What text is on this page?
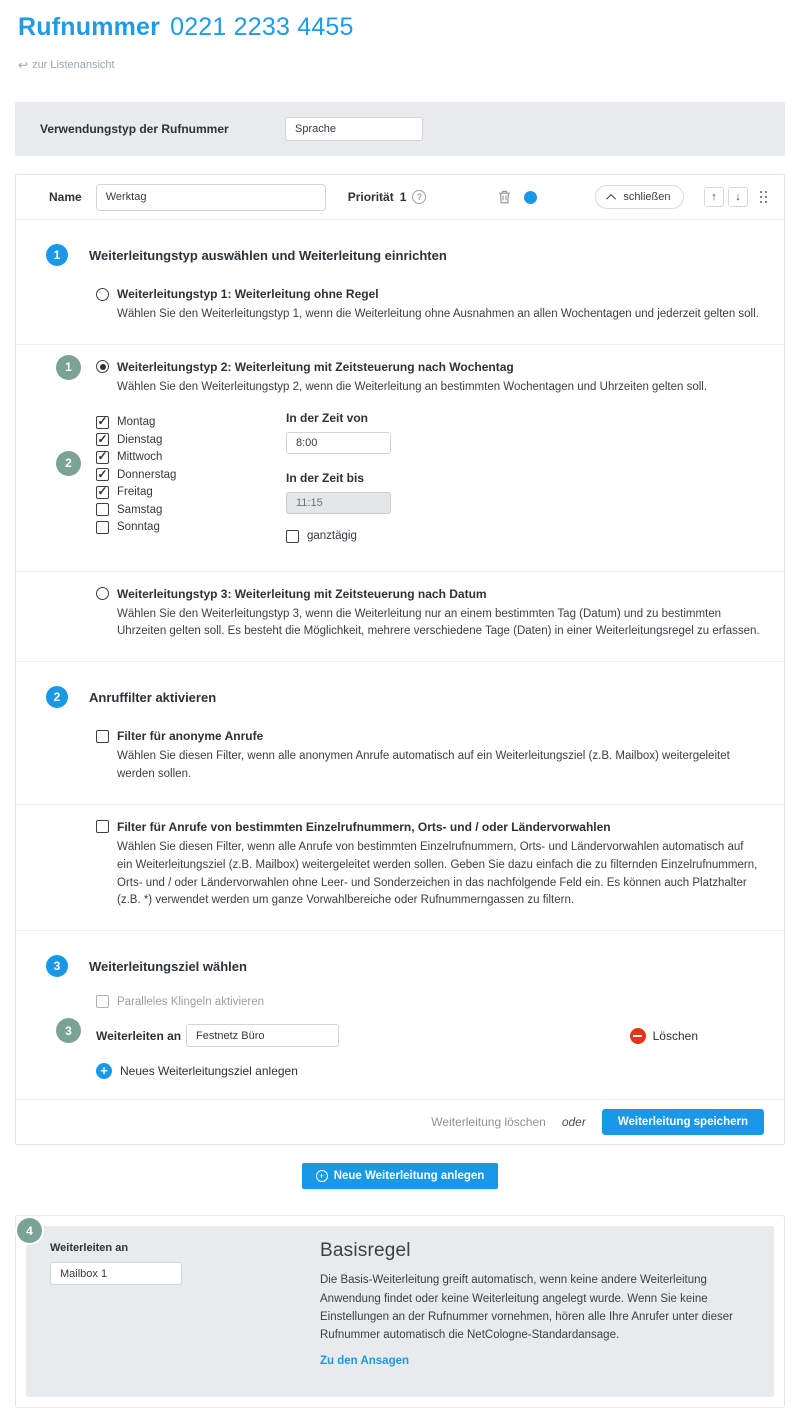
Rufnummer 0221 2233 4455
↩ zur Listenansicht
Verwendungstyp der Rufnummer
Sprache
Name
Werktag	Priorität 1	?	schließen	↑	↓
1	Weiterleitungstyp auswählen und Weiterleitung einrichten
Weiterleitungstyp 1: Weiterleitung ohne Regel
Wählen Sie den Weiterleitungstyp 1, wenn die Weiterleitung ohne Ausnahmen an allen Wochentagen und jederzeit gelten soll.
1	Weiterleitungstyp 2: Weiterleitung mit Zeitsteuerung nach Wochentag
Wählen Sie den Weiterleitungstyp 2, wenn die Weiterleitung an bestimmten Wochentagen und Uhrzeiten gelten soll.
2
✓
Montag
✓
Dienstag
✓
Mittwoch
✓
Donnerstag
✓
Freitag
Samstag
Sonntag
In der Zeit von
8:00
In der Zeit bis
11:15
ganztägig
Weiterleitungstyp 3: Weiterleitung mit Zeitsteuerung nach Datum
Wählen Sie den Weiterleitungstyp 3, wenn die Weiterleitung nur an einem bestimmten Tag (Datum) und zu bestimmten Uhrzeiten gelten soll. Es besteht die Möglichkeit, mehrere verschiedene Tage (Daten) in einer Weiterleitungsregel zu erfassen.
2	Anruffilter aktivieren
Filter für anonyme Anrufe
Wählen Sie diesen Filter, wenn alle anonymen Anrufe automatisch auf ein Weiterleitungsziel (z.B. Mailbox) weitergeleitet werden sollen.
Filter für Anrufe von bestimmten Einzelrufnummern, Orts- und / oder Ländervorwahlen
Wählen Sie diesen Filter, wenn alle Anrufe von bestimmten Einzelrufnummern, Orts- und Ländervorwahlen automatisch auf ein Weiterleitungsziel (z.B. Mailbox) weitergeleitet werden sollen. Geben Sie dazu einfach die zu filternden Einzelrufnummern, Orts- und / oder Ländervorwahlen ohne Leer- und Sonderzeichen in das nachfolgende Feld ein. Es können auch Platzhalter (z.B. *) verwendet werden um ganze Vorwahlbereiche oder Rufnummerngassen zu filtern.
3	Weiterleitungsziel wählen
Paralleles Klingeln aktivieren
3	Weiterleiten an
Festnetz Büro	Löschen
+	Neues Weiterleitungsziel anlegen
Weiterleitung löschen oder	Weiterleitung speichern
+ Neue Weiterleitung anlegen
4
Weiterleiten an
Mailbox 1	Basisregel

Die Basis-Weiterleitung greift automatisch, wenn keine andere Weiterleitung Anwendung findet oder keine Weiterleitung angelegt wurde. Wenn Sie keine Einstellungen an der Rufnummer vornehmen, hören alle Ihre Anrufer unter dieser Rufnummer automatisch die NetCologne-Standardansage.

Zu den Ansagen
